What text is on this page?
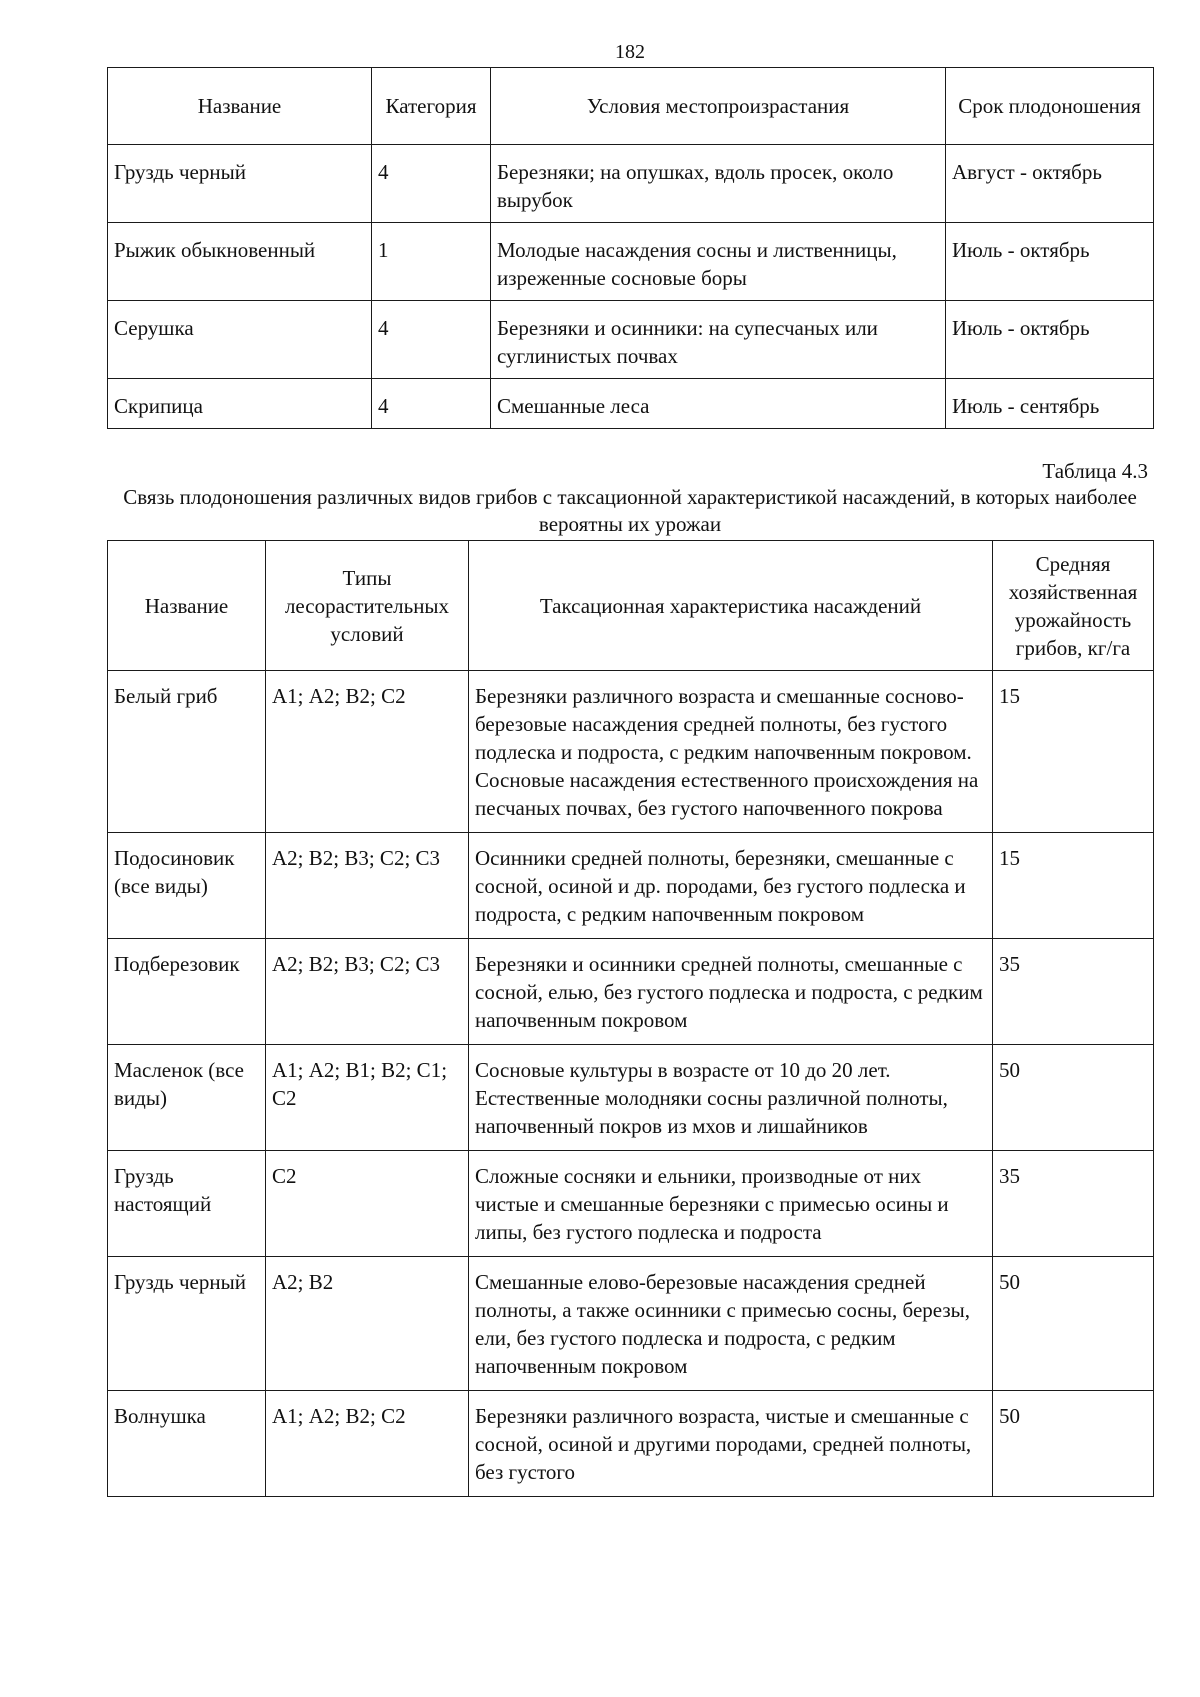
182
Название	Категория	Условия местопроизрастания	Срок плодоношения
Груздь черный	4	Березняки; на опушках, вдоль просек, около вырубок	Август - октябрь
Рыжик обыкновенный	1	Молодые насаждения сосны и лиственницы, изреженные сосновые боры	Июль - октябрь
Серушка	4	Березняки и осинники: на супесчаных или суглинистых почвах	Июль - октябрь
Скрипица	4	Смешанные леса	Июль - сентябрь
Таблица 4.3
Связь плодоношения различных видов грибов с таксационной характеристикой насаждений, в которых наиболее вероятны их урожаи
Название	Типы лесорастительных условий	Таксационная характеристика насаждений	Средняя хозяйственная урожайность грибов, кг/га
Белый гриб	А1; А2; В2; С2	Березняки различного возраста и смешанные сосново-березовые насаждения средней полноты, без густого подлеска и подроста, с редким напочвенным покровом. Сосновые насаждения естественного происхождения на песчаных почвах, без густого напочвенного покрова	15
Подосиновик (все виды)	А2; В2; В3; С2; С3	Осинники средней полноты, березняки, смешанные с сосной, осиной и др. породами, без густого подлеска и подроста, с редким напочвенным покровом	15
Подберезовик	А2; В2; В3; С2; С3	Березняки и осинники средней полноты, смешанные с сосной, елью, без густого подлеска и подроста, с редким напочвенным покровом	35
Масленок (все виды)	А1; А2; В1; В2; С1; С2	Сосновые культуры в возрасте от 10 до 20 лет. Естественные молодняки сосны различной полноты, напочвенный покров из мхов и лишайников	50
Груздь настоящий	С2	Сложные сосняки и ельники, производные от них чистые и смешанные березняки с примесью осины и липы, без густого подлеска и подроста	35
Груздь черный	А2; В2	Смешанные елово-березовые насаждения средней полноты, а также осинники с примесью сосны, березы, ели, без густого подлеска и подроста, с редким напочвенным покровом	50
Волнушка	А1; А2; В2; С2	Березняки различного возраста, чистые и смешанные с сосной, осиной и другими породами, средней полноты, без густого	50
